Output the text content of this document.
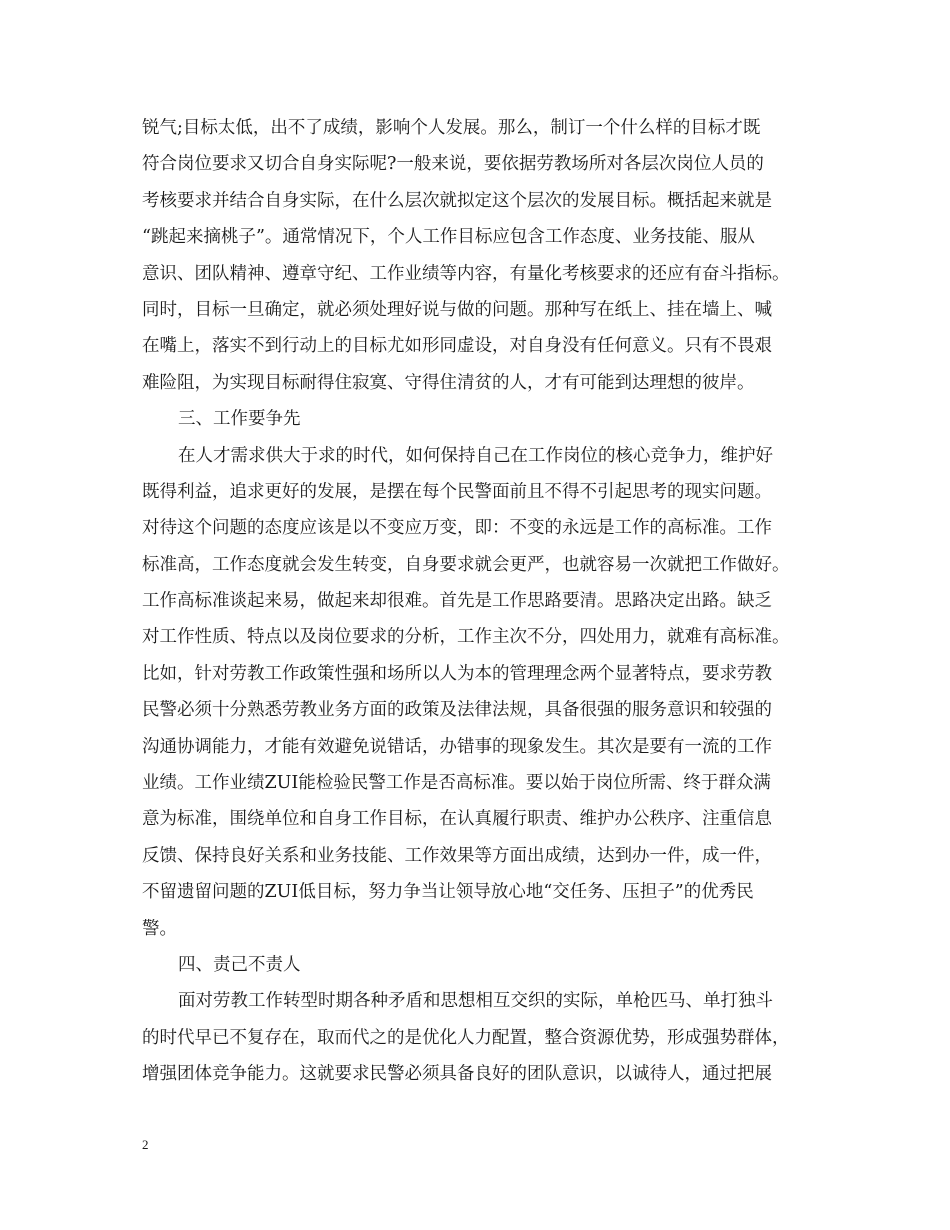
锐气;目标太低，出不了成绩，影响个人发展。那么，制订一个什么样的目标才既
符合岗位要求又切合自身实际呢?一般来说，要依据劳教场所对各层次岗位人员的
考核要求并结合自身实际，在什么层次就拟定这个层次的发展目标。概括起来就是
“跳起来摘桃子”。通常情况下，个人工作目标应包含工作态度、业务技能、服从
意识、团队精神、遵章守纪、工作业绩等内容，有量化考核要求的还应有奋斗指标。
同时，目标一旦确定，就必须处理好说与做的问题。那种写在纸上、挂在墙上、喊
在嘴上，落实不到行动上的目标尤如形同虚设，对自身没有任何意义。只有不畏艰
难险阻，为实现目标耐得住寂寞、守得住清贫的人，才有可能到达理想的彼岸。
三、工作要争先
在人才需求供大于求的时代，如何保持自己在工作岗位的核心竞争力，维护好
既得利益，追求更好的发展，是摆在每个民警面前且不得不引起思考的现实问题。
对待这个问题的态度应该是以不变应万变，即：不变的永远是工作的高标准。工作
标准高，工作态度就会发生转变，自身要求就会更严，也就容易一次就把工作做好。
工作高标准谈起来易，做起来却很难。首先是工作思路要清。思路决定出路。缺乏
对工作性质、特点以及岗位要求的分析，工作主次不分，四处用力，就难有高标准。
比如，针对劳教工作政策性强和场所以人为本的管理理念两个显著特点，要求劳教
民警必须十分熟悉劳教业务方面的政策及法律法规，具备很强的服务意识和较强的
沟通协调能力，才能有效避免说错话，办错事的现象发生。其次是要有一流的工作
业绩。工作业绩ZUI能检验民警工作是否高标准。要以始于岗位所需、终于群众满
意为标准，围绕单位和自身工作目标，在认真履行职责、维护办公秩序、注重信息
反馈、保持良好关系和业务技能、工作效果等方面出成绩，达到办一件，成一件，
不留遗留问题的ZUI低目标，努力争当让领导放心地“交任务、压担子”的优秀民
警。
四、责己不责人
面对劳教工作转型时期各种矛盾和思想相互交织的实际，单枪匹马、单打独斗
的时代早已不复存在，取而代之的是优化人力配置，整合资源优势，形成强势群体，
增强团体竞争能力。这就要求民警必须具备良好的团队意识，以诚待人，通过把展
2
